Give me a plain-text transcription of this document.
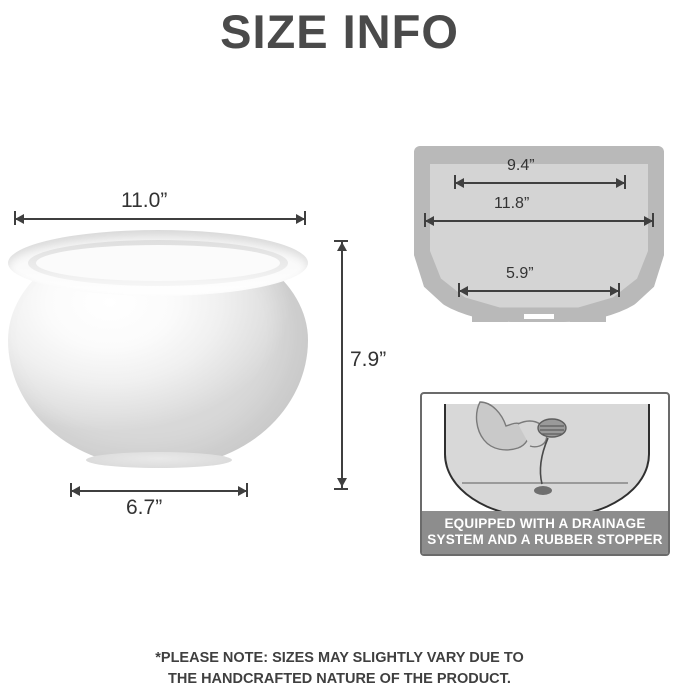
SIZE INFO
11.0”
7.9”
6.7”
9.4”
11.8”
5.9”
EQUIPPED WITH A DRAINAGE
SYSTEM AND A RUBBER STOPPER
*PLEASE NOTE: SIZES MAY SLIGHTLY VARY DUE TO
THE HANDCRAFTED NATURE OF THE PRODUCT.
